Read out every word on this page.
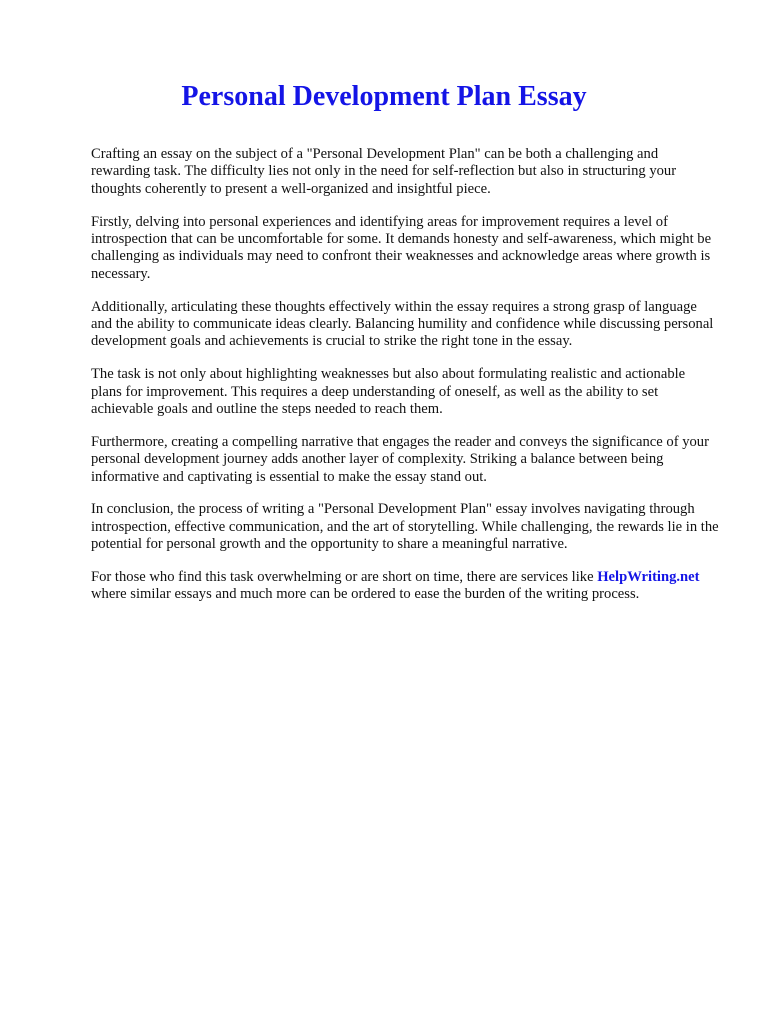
Personal Development Plan Essay

Crafting an essay on the subject of a "Personal Development Plan" can be both a challenging and rewarding task. The difficulty lies not only in the need for self-reflection but also in structuring your thoughts coherently to present a well-organized and insightful piece.

Firstly, delving into personal experiences and identifying areas for improvement requires a level of introspection that can be uncomfortable for some. It demands honesty and self-awareness, which might be challenging as individuals may need to confront their weaknesses and acknowledge areas where growth is necessary.

Additionally, articulating these thoughts effectively within the essay requires a strong grasp of language and the ability to communicate ideas clearly. Balancing humility and confidence while discussing personal development goals and achievements is crucial to strike the right tone in the essay.

The task is not only about highlighting weaknesses but also about formulating realistic and actionable plans for improvement. This requires a deep understanding of oneself, as well as the ability to set achievable goals and outline the steps needed to reach them.

Furthermore, creating a compelling narrative that engages the reader and conveys the significance of your personal development journey adds another layer of complexity. Striking a balance between being informative and captivating is essential to make the essay stand out.

In conclusion, the process of writing a "Personal Development Plan" essay involves navigating through introspection, effective communication, and the art of storytelling. While challenging, the rewards lie in the potential for personal growth and the opportunity to share a meaningful narrative.

For those who find this task overwhelming or are short on time, there are services like HelpWriting.net where similar essays and much more can be ordered to ease the burden of the writing process.
